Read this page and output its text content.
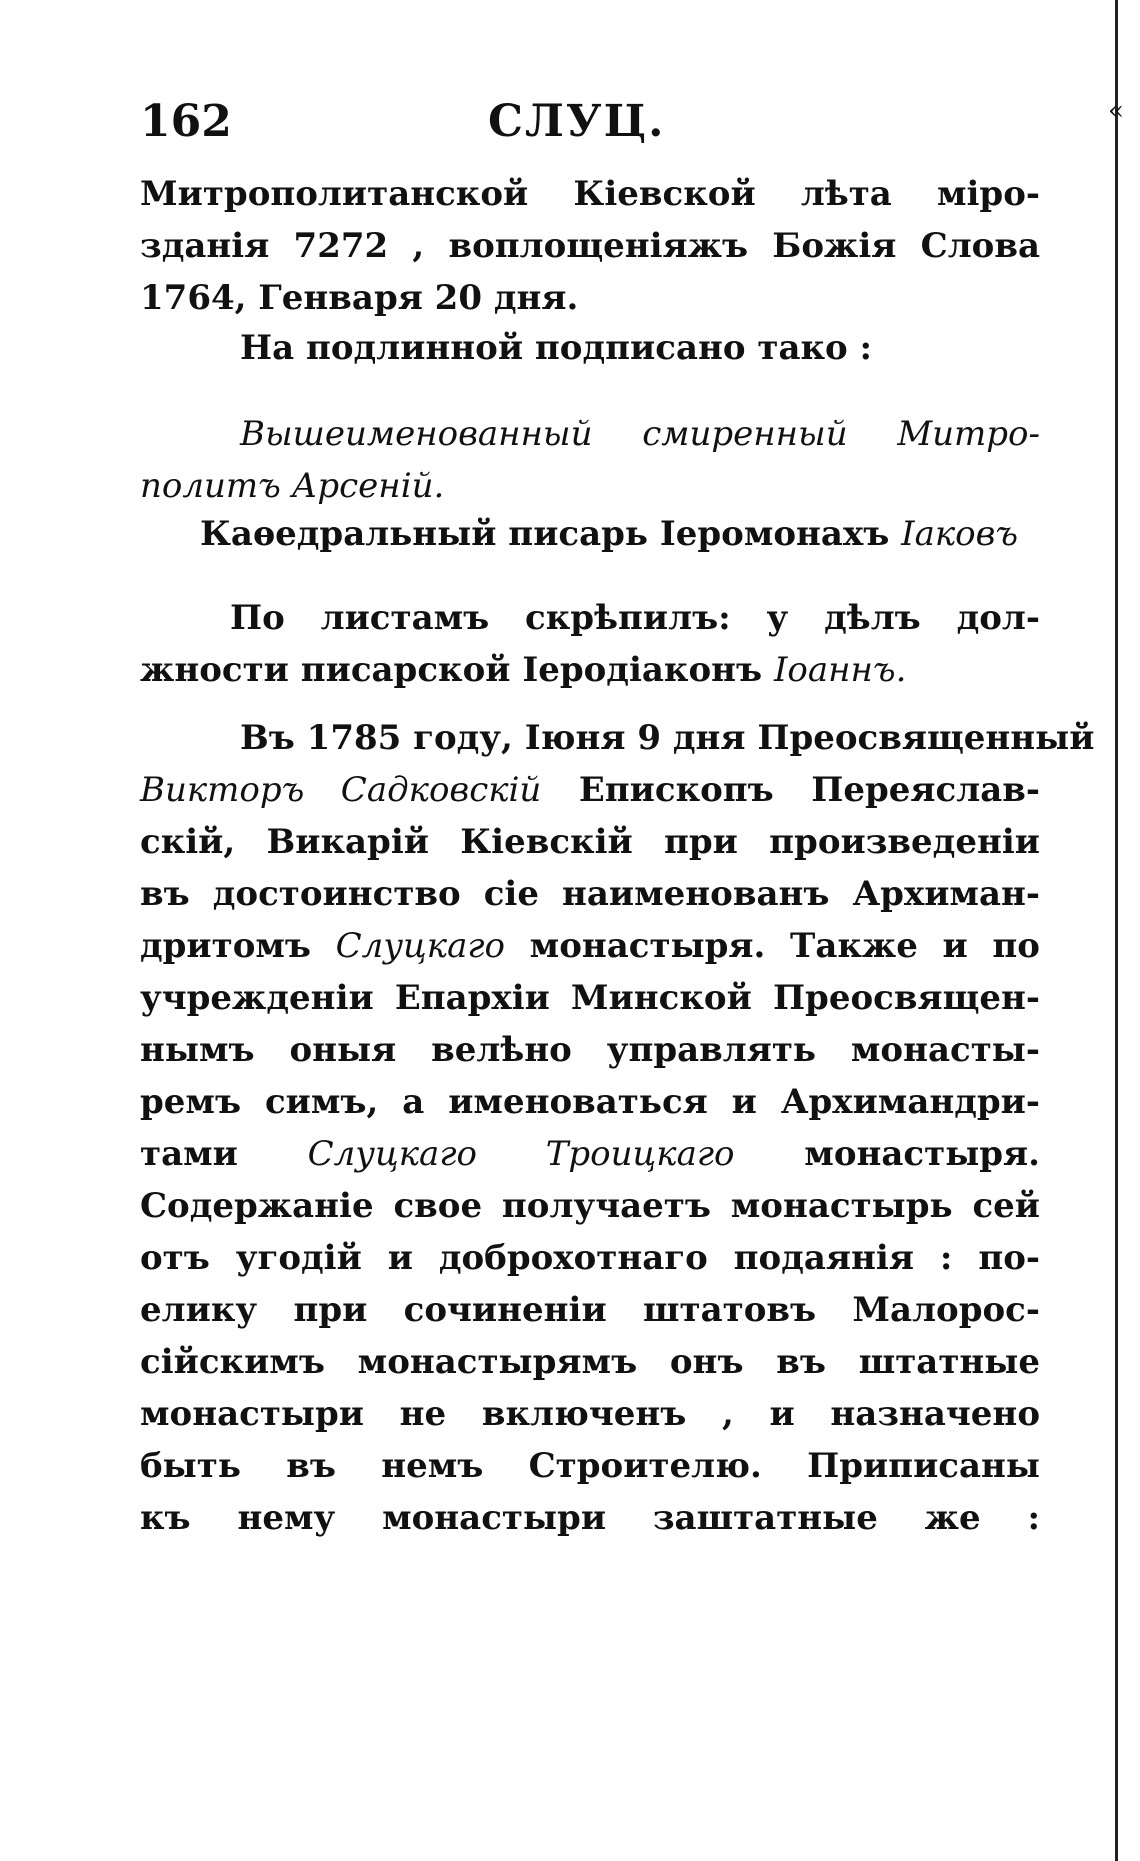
«
162	СЛУЦ.
Митрополитанской Кіевской лѣта міро-
зданія 7272 , воплощеніяжъ Божія Слова
1764, Генваря 20 дня.
На подлинной подписано тако :
Вышеименованный смиренный Митро-
политъ Арсеній.
Каѳедральный писарь Іеромонахъ Іаковъ
По листамъ скрѣпилъ: у дѣлъ дол-
жности писарской Іеродіаконъ Іоаннъ.
Въ 1785 году, Іюня 9 дня Преосвященный
Викторъ Садковскій Епископъ Переяслав-
скій, Викарій Кіевскій при произведеніи
въ достоинство сіе наименованъ Архиман-
дритомъ Слуцкаго монастыря. Также и по
учрежденіи Епархіи Минской Преосвящен-
нымъ оныя велѣно управлять монасты-
ремъ симъ, а именоваться и Архимандри-
тами Слуцкаго Троицкаго монастыря.
Содержаніе свое получаетъ монастырь сей
отъ угодій и доброхотнаго подаянія : по-
елику при сочиненіи штатовъ Малорос-
сійскимъ монастырямъ онъ въ штатные
монастыри не включенъ , и назначено
быть въ немъ Строителю. Приписаны
къ нему монастыри заштатные же :
